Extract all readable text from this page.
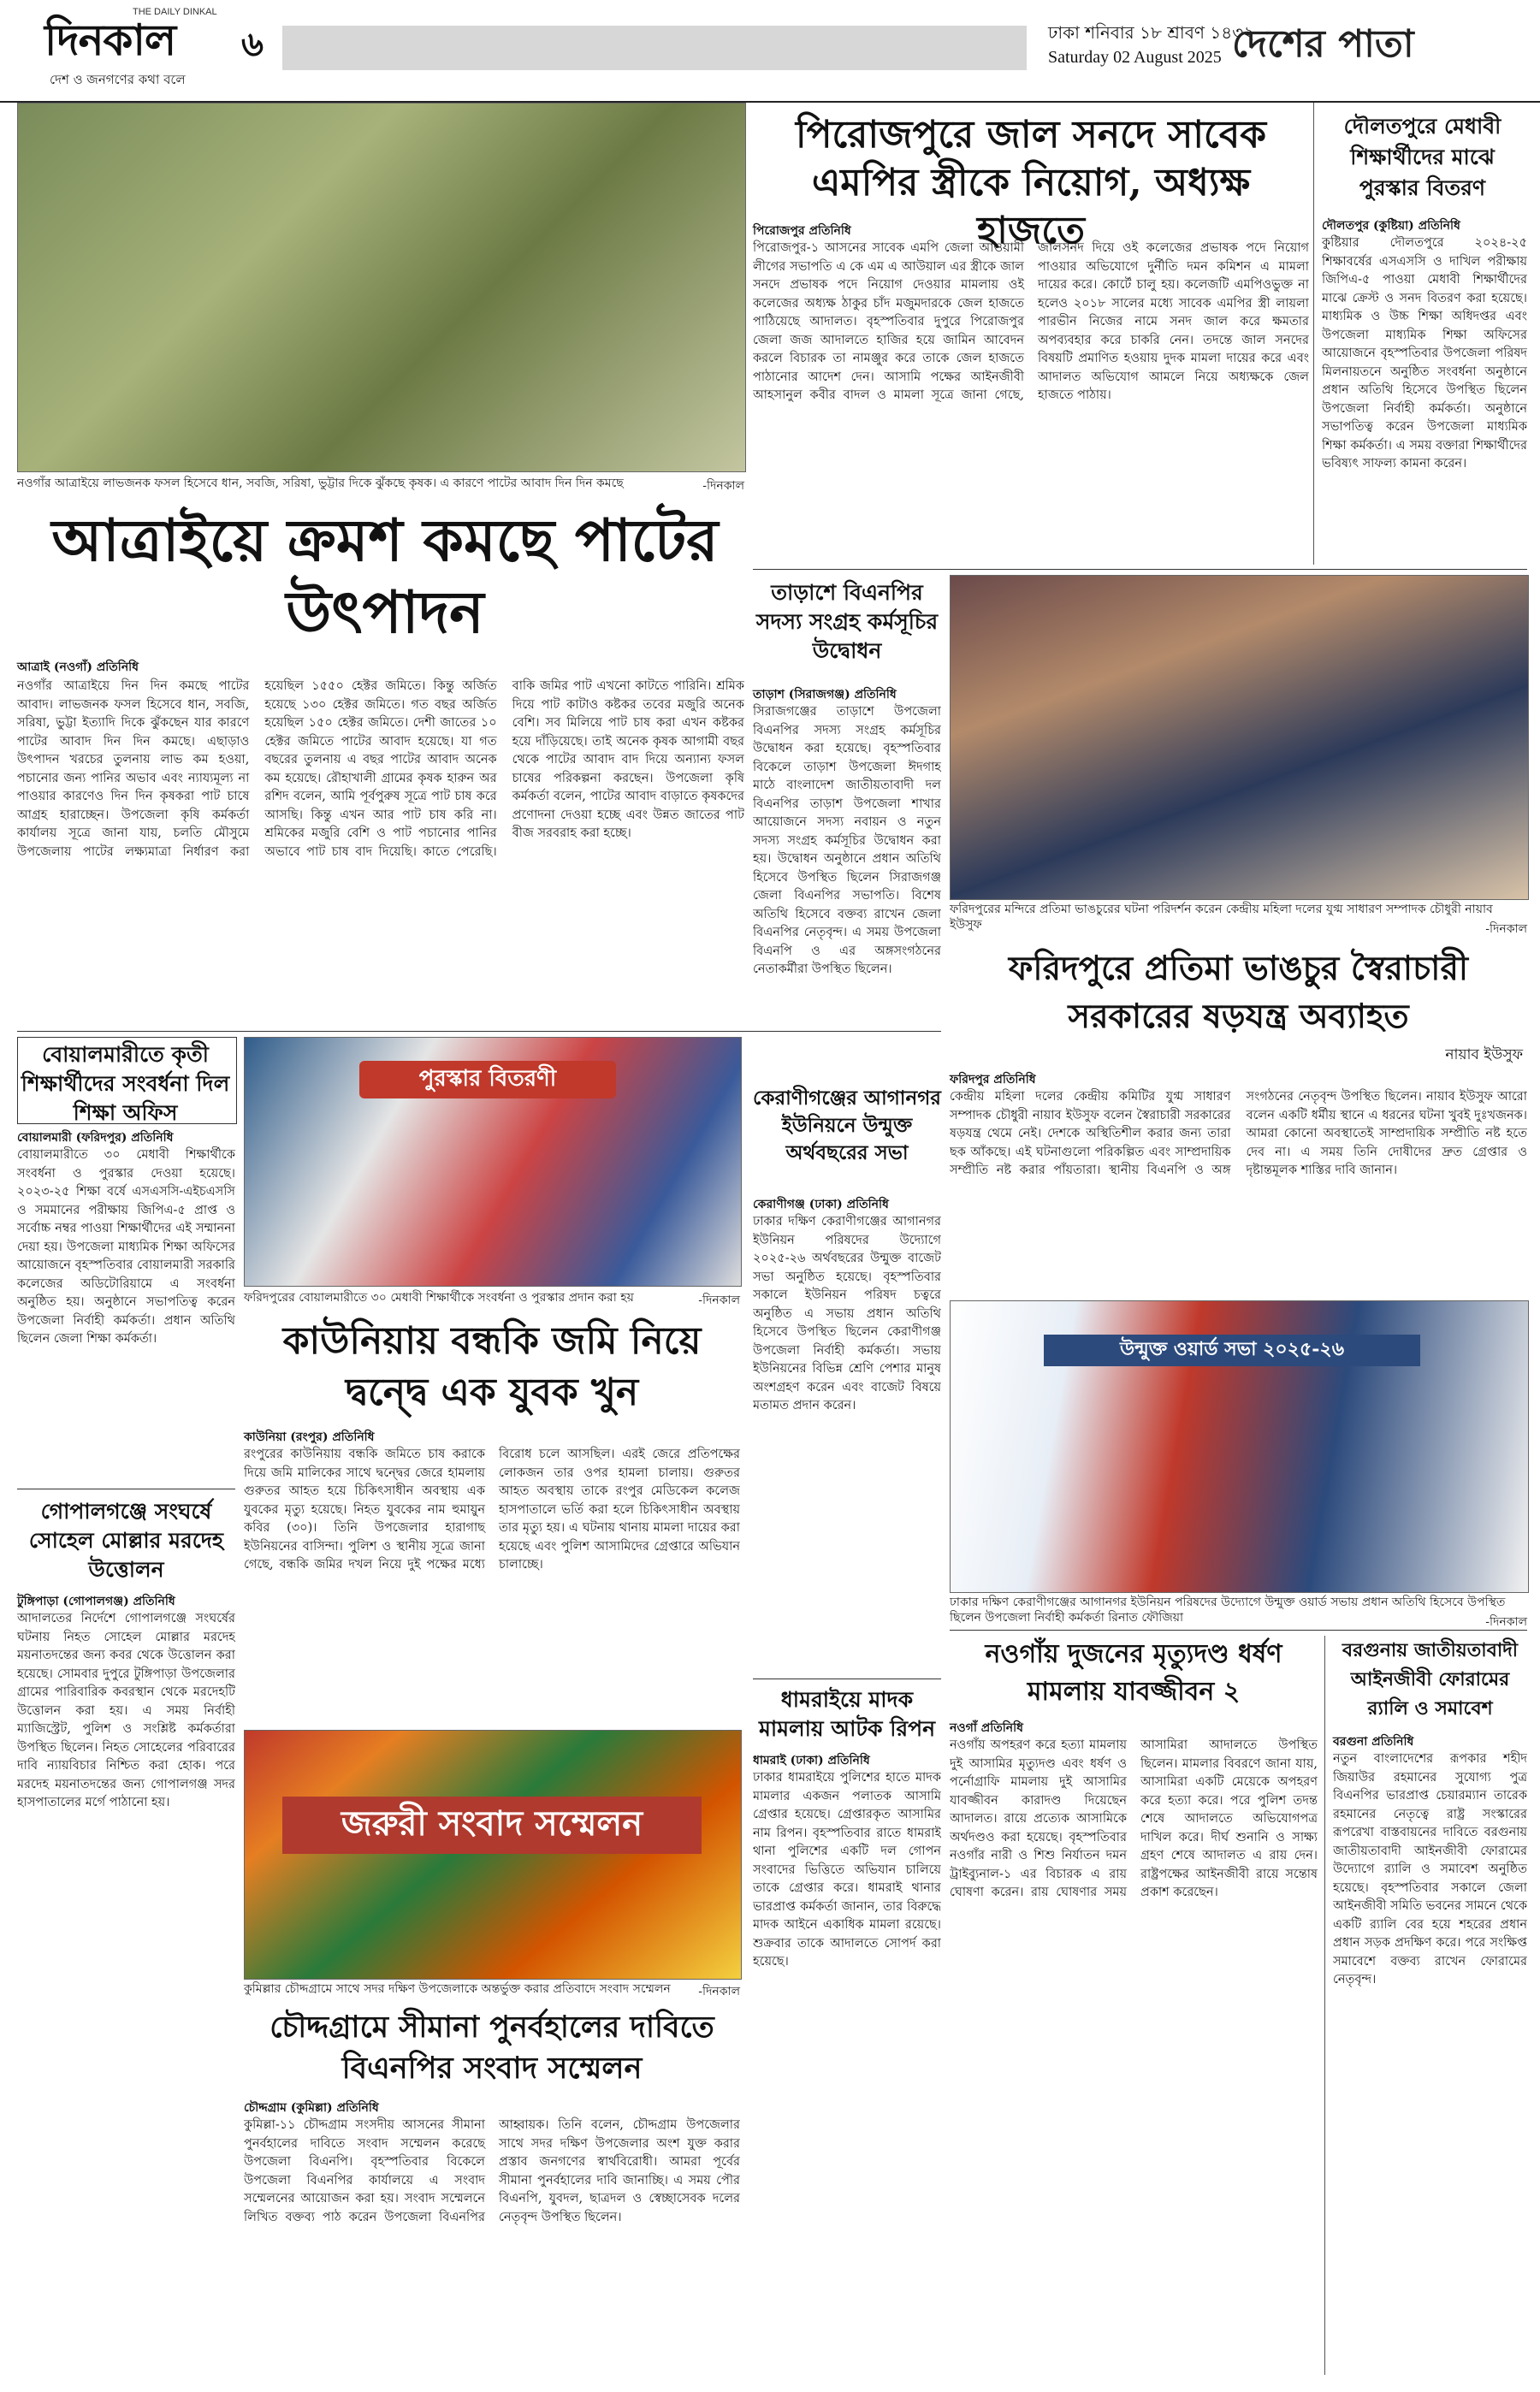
দিনকাল
THE DAILY DINKAL
দেশ ও জনগণের কথা বলে
৬	ঢাকা শনিবার ১৮ শ্রাবণ ১৪৩২
Saturday 02 August 2025 দেশের পাতা
নওগাঁর আত্রাইয়ে লাভজনক ফসল হিসেবে ধান, সবজি, সরিষা, ভুট্টার দিকে ঝুঁকছে কৃষক। এ কারণে পাটের আবাদ দিন দিন কমছে	-দিনকাল
আত্রাইয়ে ক্রমশ কমছে পাটের উৎপাদন
আত্রাই (নওগাঁ) প্রতিনিধি
নওগাঁর আত্রাইয়ে দিন দিন কমছে পাটের আবাদ। লাভজনক ফসল হিসেবে ধান, সবজি, সরিষা, ভুট্টা ইত্যাদি দিকে ঝুঁকছেন যার কারণে পাটের আবাদ দিন দিন কমছে। এছাড়াও উৎপাদন খরচের তুলনায় লাভ কম হওয়া, পচানোর জন্য পানির অভাব এবং ন্যায্যমূল্য না পাওয়ার কারণেও দিন দিন কৃষকরা পাট চাষে আগ্রহ হারাচ্ছেন। উপজেলা কৃষি কর্মকর্তা কার্যালয় সূত্রে জানা যায়, চলতি মৌসুমে উপজেলায় পাটের লক্ষ্যমাত্রা নির্ধারণ করা হয়েছিল ১৫৫০ হেক্টর জমিতে। কিন্তু অর্জিত হয়েছে ১৩০ হেক্টর জমিতে। গত বছর অর্জিত হয়েছিল ১৫০ হেক্টর জমিতে। দেশী জাতের ১০ হেক্টর জমিতে পাটের আবাদ হয়েছে। যা গত বছরের তুলনায় এ বছর পাটের আবাদ অনেক কম হয়েছে। রৌহাখালী গ্রামের কৃষক হারুন অর রশিদ বলেন, আমি পূর্বপুরুষ সূত্রে পাট চাষ করে আসছি। কিন্তু এখন আর পাট চাষ করি না। শ্রমিকের মজুরি বেশি ও পাট পচানোর পানির অভাবে পাট চাষ বাদ দিয়েছি। কাতে পেরেছি। বাকি জমির পাট এখনো কাটতে পারিনি। শ্রমিক দিয়ে পাট কাটাও কষ্টকর তবের মজুরি অনেক বেশি। সব মিলিয়ে পাট চাষ করা এখন কষ্টকর হয়ে দাঁড়িয়েছে। তাই অনেক কৃষক আগামী বছর থেকে পাটের আবাদ বাদ দিয়ে অন্যান্য ফসল চাষের পরিকল্পনা করছেন। উপজেলা কৃষি কর্মকর্তা বলেন, পাটের আবাদ বাড়াতে কৃষকদের প্রণোদনা দেওয়া হচ্ছে এবং উন্নত জাতের পাট বীজ সরবরাহ করা হচ্ছে।
পিরোজপুরে জাল সনদে সাবেক এমপির স্ত্রীকে নিয়োগ, অধ্যক্ষ হাজতে
পিরোজপুর প্রতিনিধি
পিরোজপুর-১ আসনের সাবেক এমপি জেলা আওয়ামী লীগের সভাপতি এ কে এম এ আউয়াল এর স্ত্রীকে জাল সনদে প্রভাষক পদে নিয়োগ দেওয়ার মামলায় ওই কলেজের অধ্যক্ষ ঠাকুর চাঁদ মজুমদারকে জেল হাজতে পাঠিয়েছে আদালত। বৃহস্পতিবার দুপুরে পিরোজপুর জেলা জজ আদালতে হাজির হয়ে জামিন আবেদন করলে বিচারক তা নামঞ্জুর করে তাকে জেল হাজতে পাঠানোর আদেশ দেন। আসামি পক্ষের আইনজীবী আহসানুল কবীর বাদল ও মামলা সূত্রে জানা গেছে, জালসনদ দিয়ে ওই কলেজের প্রভাষক পদে নিয়োগ পাওয়ার অভিযোগে দুর্নীতি দমন কমিশন এ মামলা দায়ের করে। কোর্টে চালু হয়। কলেজটি এমপিওভুক্ত না হলেও ২০১৮ সালের মধ্যে সাবেক এমপির স্ত্রী লায়লা পারভীন নিজের নামে সনদ জাল করে ক্ষমতার অপব্যবহার করে চাকরি নেন। তদন্তে জাল সনদের বিষয়টি প্রমাণিত হওয়ায় দুদক মামলা দায়ের করে এবং আদালত অভিযোগ আমলে নিয়ে অধ্যক্ষকে জেল হাজতে পাঠায়।
দৌলতপুরে মেধাবী শিক্ষার্থীদের মাঝে পুরস্কার বিতরণ
দৌলতপুর (কুষ্টিয়া) প্রতিনিধি
কুষ্টিয়ার দৌলতপুরে ২০২৪-২৫ শিক্ষাবর্ষের এসএসসি ও দাখিল পরীক্ষায় জিপিএ-৫ পাওয়া মেধাবী শিক্ষার্থীদের মাঝে ক্রেস্ট ও সনদ বিতরণ করা হয়েছে। মাধ্যমিক ও উচ্চ শিক্ষা অধিদপ্তর এবং উপজেলা মাধ্যমিক শিক্ষা অফিসের আয়োজনে বৃহস্পতিবার উপজেলা পরিষদ মিলনায়তনে অনুষ্ঠিত সংবর্ধনা অনুষ্ঠানে প্রধান অতিথি হিসেবে উপস্থিত ছিলেন উপজেলা নির্বাহী কর্মকর্তা। অনুষ্ঠানে সভাপতিত্ব করেন উপজেলা মাধ্যমিক শিক্ষা কর্মকর্তা। এ সময় বক্তারা শিক্ষার্থীদের ভবিষ্যৎ সাফল্য কামনা করেন।
তাড়াশে বিএনপির সদস্য সংগ্রহ কর্মসূচির উদ্বোধন
তাড়াশ (সিরাজগঞ্জ) প্রতিনিধি
সিরাজগঞ্জের তাড়াশে উপজেলা বিএনপির সদস্য সংগ্রহ কর্মসূচির উদ্বোধন করা হয়েছে। বৃহস্পতিবার বিকেলে তাড়াশ উপজেলা ঈদগাহ মাঠে বাংলাদেশ জাতীয়তাবাদী দল বিএনপির তাড়াশ উপজেলা শাখার আয়োজনে সদস্য নবায়ন ও নতুন সদস্য সংগ্রহ কর্মসূচির উদ্বোধন করা হয়। উদ্বোধন অনুষ্ঠানে প্রধান অতিথি হিসেবে উপস্থিত ছিলেন সিরাজগঞ্জ জেলা বিএনপির সভাপতি। বিশেষ অতিথি হিসেবে বক্তব্য রাখেন জেলা বিএনপির নেতৃবৃন্দ। এ সময় উপজেলা বিএনপি ও এর অঙ্গসংগঠনের নেতাকর্মীরা উপস্থিত ছিলেন।
ফরিদপুরের মন্দিরে প্রতিমা ভাঙচুরের ঘটনা পরিদর্শন করেন কেন্দ্রীয় মহিলা দলের যুগ্ম সাধারণ সম্পাদক চৌধুরী নায়াব ইউসুফ	-দিনকাল
ফরিদপুরে প্রতিমা ভাঙচুর স্বৈরাচারী সরকারের ষড়যন্ত্র অব্যাহত
নায়াব ইউসুফ
ফরিদপুর প্রতিনিধি
কেন্দ্রীয় মহিলা দলের কেন্দ্রীয় কমিটির যুগ্ম সাধারণ সম্পাদক চৌধুরী নায়াব ইউসুফ বলেন স্বৈরাচারী সরকারের ষড়যন্ত্র থেমে নেই। দেশকে অস্থিতিশীল করার জন্য তারা ছক আঁকছে। এই ঘটনাগুলো পরিকল্পিত এবং সাম্প্রদায়িক সম্প্রীতি নষ্ট করার পাঁয়তারা। স্থানীয় বিএনপি ও অঙ্গ সংগঠনের নেতৃবৃন্দ উপস্থিত ছিলেন। নায়াব ইউসুফ আরো বলেন একটি ধর্মীয় স্থানে এ ধরনের ঘটনা খুবই দুঃখজনক। আমরা কোনো অবস্থাতেই সাম্প্রদায়িক সম্প্রীতি নষ্ট হতে দেব না। এ সময় তিনি দোষীদের দ্রুত গ্রেপ্তার ও দৃষ্টান্তমূলক শাস্তির দাবি জানান।
বোয়ালমারীতে কৃতী শিক্ষার্থীদের সংবর্ধনা দিল শিক্ষা অফিস
বোয়ালমারী (ফরিদপুর) প্রতিনিধি
বোয়ালমারীতে ৩০ মেধাবী শিক্ষার্থীকে সংবর্ধনা ও পুরস্কার দেওয়া হয়েছে। ২০২৩-২৫ শিক্ষা বর্ষে এসএসসি-এইচএসসি ও সমমানের পরীক্ষায় জিপিএ-৫ প্রাপ্ত ও সর্বোচ্চ নম্বর পাওয়া শিক্ষার্থীদের এই সম্মাননা দেয়া হয়। উপজেলা মাধ্যমিক শিক্ষা অফিসের আয়োজনে বৃহস্পতিবার বোয়ালমারী সরকারি কলেজের অডিটোরিয়ামে এ সংবর্ধনা অনুষ্ঠিত হয়। অনুষ্ঠানে সভাপতিত্ব করেন উপজেলা নির্বাহী কর্মকর্তা। প্রধান অতিথি ছিলেন জেলা শিক্ষা কর্মকর্তা।
পুরস্কার বিতরণী
ফরিদপুরের বোয়ালমারীতে ৩০ মেধাবী শিক্ষার্থীকে সংবর্ধনা ও পুরস্কার প্রদান করা হয়	-দিনকাল
কেরাণীগঞ্জের আগানগর ইউনিয়নে উন্মুক্ত অর্থবছরের সভা
কেরাণীগঞ্জ (ঢাকা) প্রতিনিধি
ঢাকার দক্ষিণ কেরাণীগঞ্জের আগানগর ইউনিয়ন পরিষদের উদ্যোগে ২০২৫-২৬ অর্থবছরের উন্মুক্ত বাজেট সভা অনুষ্ঠিত হয়েছে। বৃহস্পতিবার সকালে ইউনিয়ন পরিষদ চত্বরে অনুষ্ঠিত এ সভায় প্রধান অতিথি হিসেবে উপস্থিত ছিলেন কেরাণীগঞ্জ উপজেলা নির্বাহী কর্মকর্তা। সভায় ইউনিয়নের বিভিন্ন শ্রেণি পেশার মানুষ অংশগ্রহণ করেন এবং বাজেট বিষয়ে মতামত প্রদান করেন।
উন্মুক্ত ওয়ার্ড সভা ২০২৫-২৬
ঢাকার দক্ষিণ কেরাণীগঞ্জের আগানগর ইউনিয়ন পরিষদের উদ্যোগে উন্মুক্ত ওয়ার্ড সভায় প্রধান অতিথি হিসেবে উপস্থিত ছিলেন উপজেলা নির্বাহী কর্মকর্তা রিনাত ফৌজিয়া	-দিনকাল
কাউনিয়ায় বন্ধকি জমি নিয়ে দ্বন্দ্বে এক যুবক খুন
কাউনিয়া (রংপুর) প্রতিনিধি
রংপুরের কাউনিয়ায় বন্ধকি জমিতে চাষ করাকে দিয়ে জমি মালিকের সাথে দ্বন্দ্বের জেরে হামলায় গুরুতর আহত হয়ে চিকিৎসাধীন অবস্থায় এক যুবকের মৃত্যু হয়েছে। নিহত যুবকের নাম হুমায়ুন কবির (৩০)। তিনি উপজেলার হারাগাছ ইউনিয়নের বাসিন্দা। পুলিশ ও স্থানীয় সূত্রে জানা গেছে, বন্ধকি জমির দখল নিয়ে দুই পক্ষের মধ্যে বিরোধ চলে আসছিল। এরই জেরে প্রতিপক্ষের লোকজন তার ওপর হামলা চালায়। গুরুতর আহত অবস্থায় তাকে রংপুর মেডিকেল কলেজ হাসপাতালে ভর্তি করা হলে চিকিৎসাধীন অবস্থায় তার মৃত্যু হয়। এ ঘটনায় থানায় মামলা দায়ের করা হয়েছে এবং পুলিশ আসামিদের গ্রেপ্তারে অভিযান চালাচ্ছে।
গোপালগঞ্জে সংঘর্ষে সোহেল মোল্লার মরদেহ উত্তোলন
টুঙ্গিপাড়া (গোপালগঞ্জ) প্রতিনিধি
আদালতের নির্দেশে গোপালগঞ্জে সংঘর্ষের ঘটনায় নিহত সোহেল মোল্লার মরদেহ ময়নাতদন্তের জন্য কবর থেকে উত্তোলন করা হয়েছে। সোমবার দুপুরে টুঙ্গিপাড়া উপজেলার গ্রামের পারিবারিক কবরস্থান থেকে মরদেহটি উত্তোলন করা হয়। এ সময় নির্বাহী ম্যাজিস্ট্রেট, পুলিশ ও সংশ্লিষ্ট কর্মকর্তারা উপস্থিত ছিলেন। নিহত সোহেলের পরিবারের দাবি ন্যায়বিচার নিশ্চিত করা হোক। পরে মরদেহ ময়নাতদন্তের জন্য গোপালগঞ্জ সদর হাসপাতালের মর্গে পাঠানো হয়।
জরুরী সংবাদ সম্মেলন
কুমিল্লার চৌদ্দগ্রামে সাথে সদর দক্ষিণ উপজেলাকে অন্তর্ভুক্ত করার প্রতিবাদে সংবাদ সম্মেলন	-দিনকাল
চৌদ্দগ্রামে সীমানা পুনর্বহালের দাবিতে বিএনপির সংবাদ সম্মেলন
চৌদ্দগ্রাম (কুমিল্লা) প্রতিনিধি
কুমিল্লা-১১ চৌদ্দগ্রাম সংসদীয় আসনের সীমানা পুনর্বহালের দাবিতে সংবাদ সম্মেলন করেছে উপজেলা বিএনপি। বৃহস্পতিবার বিকেলে উপজেলা বিএনপির কার্যালয়ে এ সংবাদ সম্মেলনের আয়োজন করা হয়। সংবাদ সম্মেলনে লিখিত বক্তব্য পাঠ করেন উপজেলা বিএনপির আহ্বায়ক। তিনি বলেন, চৌদ্দগ্রাম উপজেলার সাথে সদর দক্ষিণ উপজেলার অংশ যুক্ত করার প্রস্তাব জনগণের স্বার্থবিরোধী। আমরা পূর্বের সীমানা পুনর্বহালের দাবি জানাচ্ছি। এ সময় পৌর বিএনপি, যুবদল, ছাত্রদল ও স্বেচ্ছাসেবক দলের নেতৃবৃন্দ উপস্থিত ছিলেন।
ধামরাইয়ে মাদক মামলায় আটক রিপন
ধামরাই (ঢাকা) প্রতিনিধি
ঢাকার ধামরাইয়ে পুলিশের হাতে মাদক মামলার একজন পলাতক আসামি গ্রেপ্তার হয়েছে। গ্রেপ্তারকৃত আসামির নাম রিপন। বৃহস্পতিবার রাতে ধামরাই থানা পুলিশের একটি দল গোপন সংবাদের ভিত্তিতে অভিযান চালিয়ে তাকে গ্রেপ্তার করে। ধামরাই থানার ভারপ্রাপ্ত কর্মকর্তা জানান, তার বিরুদ্ধে মাদক আইনে একাধিক মামলা রয়েছে। শুক্রবার তাকে আদালতে সোপর্দ করা হয়েছে।
নওগাঁয় দুজনের মৃত্যুদণ্ড ধর্ষণ মামলায় যাবজ্জীবন ২
নওগাঁ প্রতিনিধি
নওগাঁয় অপহরণ করে হত্যা মামলায় দুই আসামির মৃত্যুদণ্ড এবং ধর্ষণ ও পর্নোগ্রাফি মামলায় দুই আসামির যাবজ্জীবন কারাদণ্ড দিয়েছেন আদালত। রায়ে প্রত্যেক আসামিকে অর্থদণ্ডও করা হয়েছে। বৃহস্পতিবার নওগাঁর নারী ও শিশু নির্যাতন দমন ট্রাইব্যুনাল-১ এর বিচারক এ রায় ঘোষণা করেন। রায় ঘোষণার সময় আসামিরা আদালতে উপস্থিত ছিলেন। মামলার বিবরণে জানা যায়, আসামিরা একটি মেয়েকে অপহরণ করে হত্যা করে। পরে পুলিশ তদন্ত শেষে আদালতে অভিযোগপত্র দাখিল করে। দীর্ঘ শুনানি ও সাক্ষ্য গ্রহণ শেষে আদালত এ রায় দেন। রাষ্ট্রপক্ষের আইনজীবী রায়ে সন্তোষ প্রকাশ করেছেন।
বরগুনায় জাতীয়তাবাদী আইনজীবী ফোরামের র‍্যালি ও সমাবেশ
বরগুনা প্রতিনিধি
নতুন বাংলাদেশের রূপকার শহীদ জিয়াউর রহমানের সুযোগ্য পুত্র বিএনপির ভারপ্রাপ্ত চেয়ারম্যান তারেক রহমানের নেতৃত্বে রাষ্ট্র সংস্কারের রূপরেখা বাস্তবায়নের দাবিতে বরগুনায় জাতীয়তাবাদী আইনজীবী ফোরামের উদ্যোগে র‍্যালি ও সমাবেশ অনুষ্ঠিত হয়েছে। বৃহস্পতিবার সকালে জেলা আইনজীবী সমিতি ভবনের সামনে থেকে একটি র‍্যালি বের হয়ে শহরের প্রধান প্রধান সড়ক প্রদক্ষিণ করে। পরে সংক্ষিপ্ত সমাবেশে বক্তব্য রাখেন ফোরামের নেতৃবৃন্দ।
